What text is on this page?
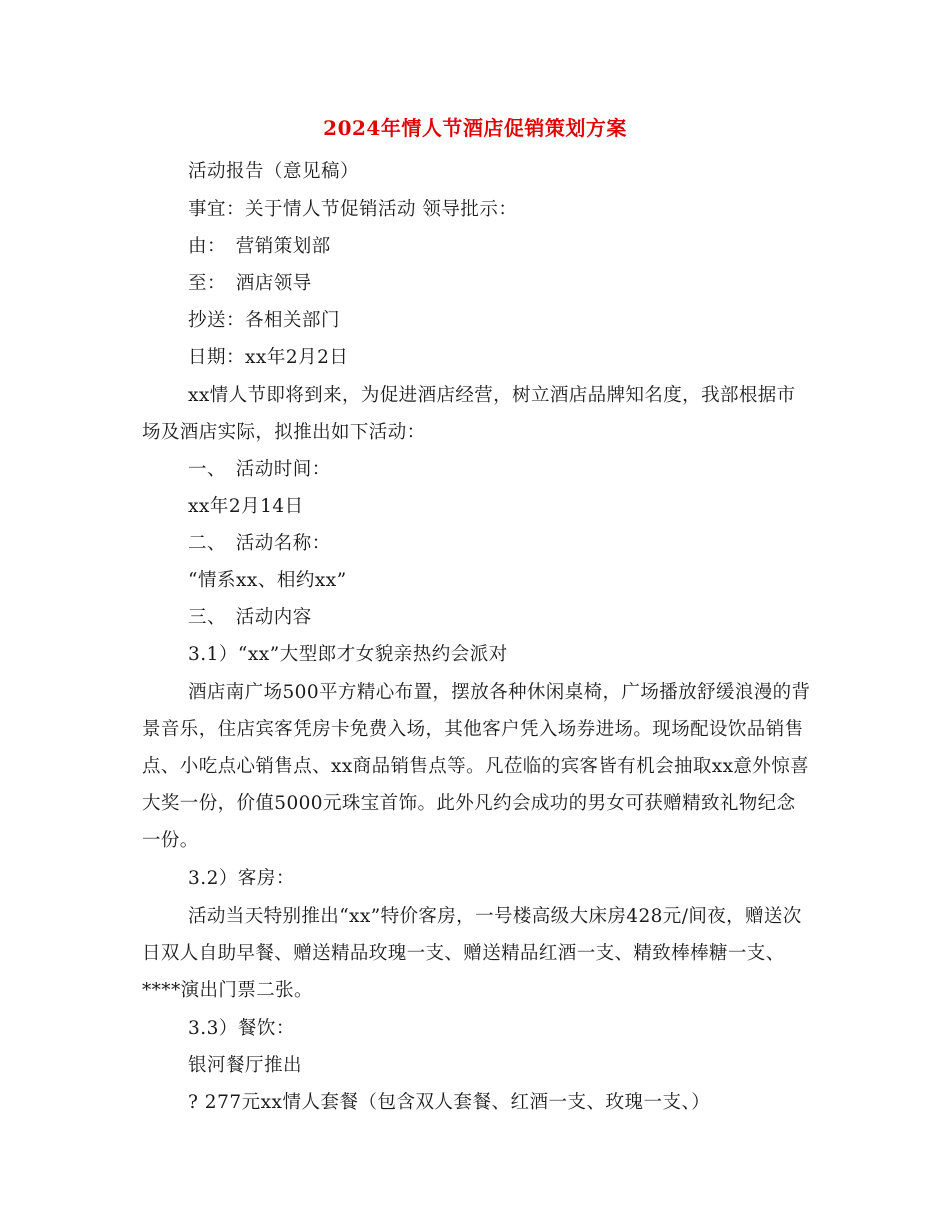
2024年情人节酒店促销策划方案
活动报告（意见稿）
事宜：关于情人节促销活动 领导批示：
由：　营销策划部
至：　酒店领导
抄送：各相关部门
日期：xx年2月2日
xx情人节即将到来，为促进酒店经营，树立酒店品牌知名度，我部根据市场及酒店实际，拟推出如下活动：
一、　活动时间：
xx年2月14日
二、　活动名称：
“情系xx、相约xx”
三、　活动内容
3.1）“xx”大型郎才女貌亲热约会派对
酒店南广场500平方精心布置，摆放各种休闲桌椅，广场播放舒缓浪漫的背景音乐，住店宾客凭房卡免费入场，其他客户凭入场券进场。现场配设饮品销售点、小吃点心销售点、xx商品销售点等。凡莅临的宾客皆有机会抽取xx意外惊喜大奖一份，价值5000元珠宝首饰。此外凡约会成功的男女可获赠精致礼物纪念一份。
3.2）客房：
活动当天特别推出“xx”特价客房，一号楼高级大床房428元/间夜，赠送次日双人自助早餐、赠送精品玫瑰一支、赠送精品红酒一支、精致棒棒糖一支、****演出门票二张。
3.3）餐饮：
银河餐厅推出
? 277元xx情人套餐（包含双人套餐、红酒一支、玫瑰一支、）
